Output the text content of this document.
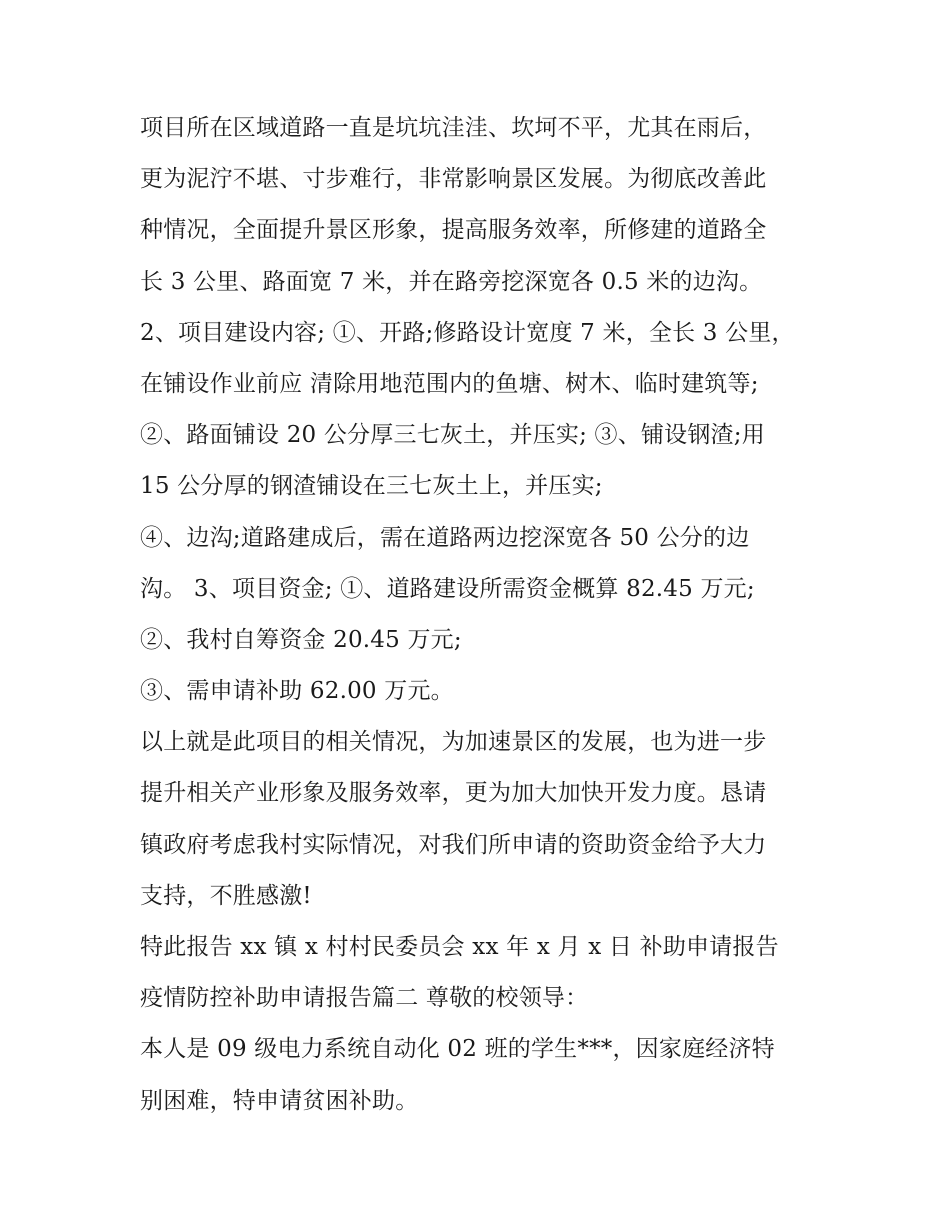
项目所在区域道路一直是坑坑洼洼、坎坷不平，尤其在雨后，
更为泥泞不堪、寸步难行，非常影响景区发展。为彻底改善此
种情况，全面提升景区形象，提高服务效率，所修建的道路全
长 3 公里、路面宽 7 米，并在路旁挖深宽各 0.5 米的边沟。
2、项目建设内容; ①、开路;修路设计宽度 7 米，全长 3 公里，
在铺设作业前应 清除用地范围内的鱼塘、树木、临时建筑等;
②、路面铺设 20 公分厚三七灰土，并压实; ③、铺设钢渣;用
15 公分厚的钢渣铺设在三七灰土上，并压实;
④、边沟;道路建成后，需在道路两边挖深宽各 50 公分的边
沟。 3、项目资金; ①、道路建设所需资金概算 82.45 万元;
②、我村自筹资金 20.45 万元;
③、需申请补助 62.00 万元。
以上就是此项目的相关情况，为加速景区的发展，也为进一步
提升相关产业形象及服务效率，更为加大加快开发力度。恳请
镇政府考虑我村实际情况，对我们所申请的资助资金给予大力
支持，不胜感激!
特此报告 xx 镇 x 村村民委员会 xx 年 x 月 x 日 补助申请报告
疫情防控补助申请报告篇二 尊敬的校领导：
本人是 09 级电力系统自动化 02 班的学生***，因家庭经济特
别困难，特申请贫困补助。
